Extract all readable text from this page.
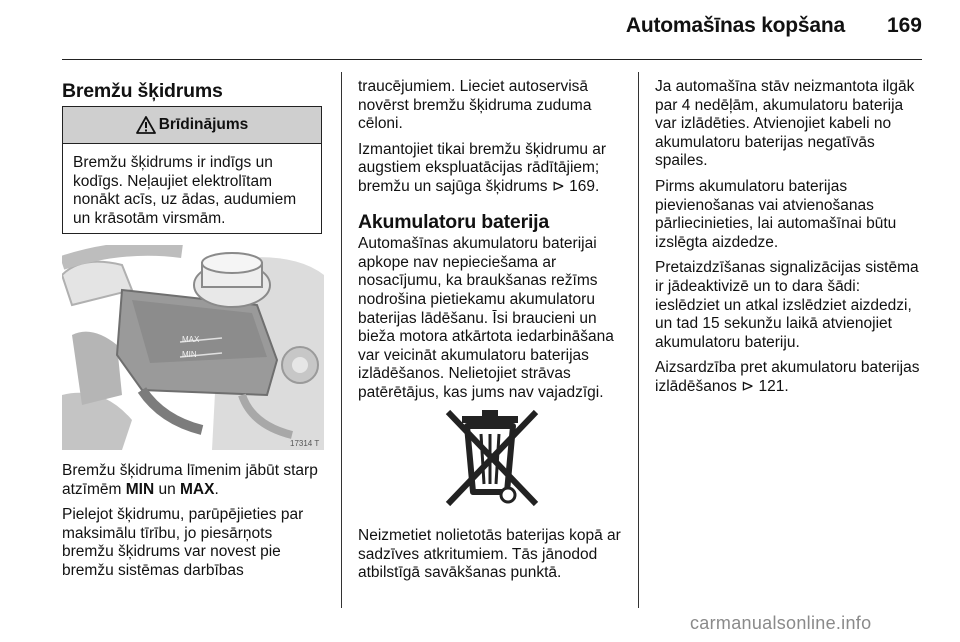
Automašīnas kopšana	169
Bremžu šķidrums
Brīdinājums
Bremžu šķidrums ir indīgs un kodīgs. Neļaujiet elektrolītam nonākt acīs, uz ādas, audumiem un krāsotām virsmām.
MAX
MIN
17314 T

Bremžu šķidruma līmenim jābūt starp atzīmēm MIN un MAX.

Pielejot šķidrumu, parūpējieties par maksimālu tīrību, jo piesārņots bremžu šķidrums var novest pie bremžu sistēmas darbības

traucējumiem. Lieciet autoservisā novērst bremžu šķidruma zuduma cēloni.

Izmantojiet tikai bremžu šķidrumu ar augstiem ekspluatācijas rādītājiem; bremžu un sajūga šķidrums ⊳ 169.

Akumulatoru baterija

Automašīnas akumulatoru baterijai apkope nav nepieciešama ar nosacījumu, ka braukšanas režīms nodrošina pietiekamu akumulatoru baterijas lādēšanu. Īsi braucieni un bieža motora atkārtota iedarbināšana var veicināt akumulatoru baterijas izlādēšanos. Nelietojiet strāvas patērētājus, kas jums nav vajadzīgi.

Neizmetiet nolietotās baterijas kopā ar sadzīves atkritumiem. Tās jānodod atbilstīgā savākšanas punktā.

Ja automašīna stāv neizmantota ilgāk par 4 nedēļām, akumulatoru baterija var izlādēties. Atvienojiet kabeli no akumulatoru baterijas negatīvās spailes.

Pirms akumulatoru baterijas pievienošanas vai atvienošanas pārliecinieties, lai automašīnai būtu izslēgta aizdedze.

Pretaizdzīšanas signalizācijas sistēma ir jādeaktivizē un to dara šādi: ieslēdziet un atkal izslēdziet aizdedzi, un tad 15 sekunžu laikā atvienojiet akumulatoru bateriju.

Aizsardzība pret akumulatoru baterijas izlādēšanos ⊳ 121.

carmanualsonline.info
